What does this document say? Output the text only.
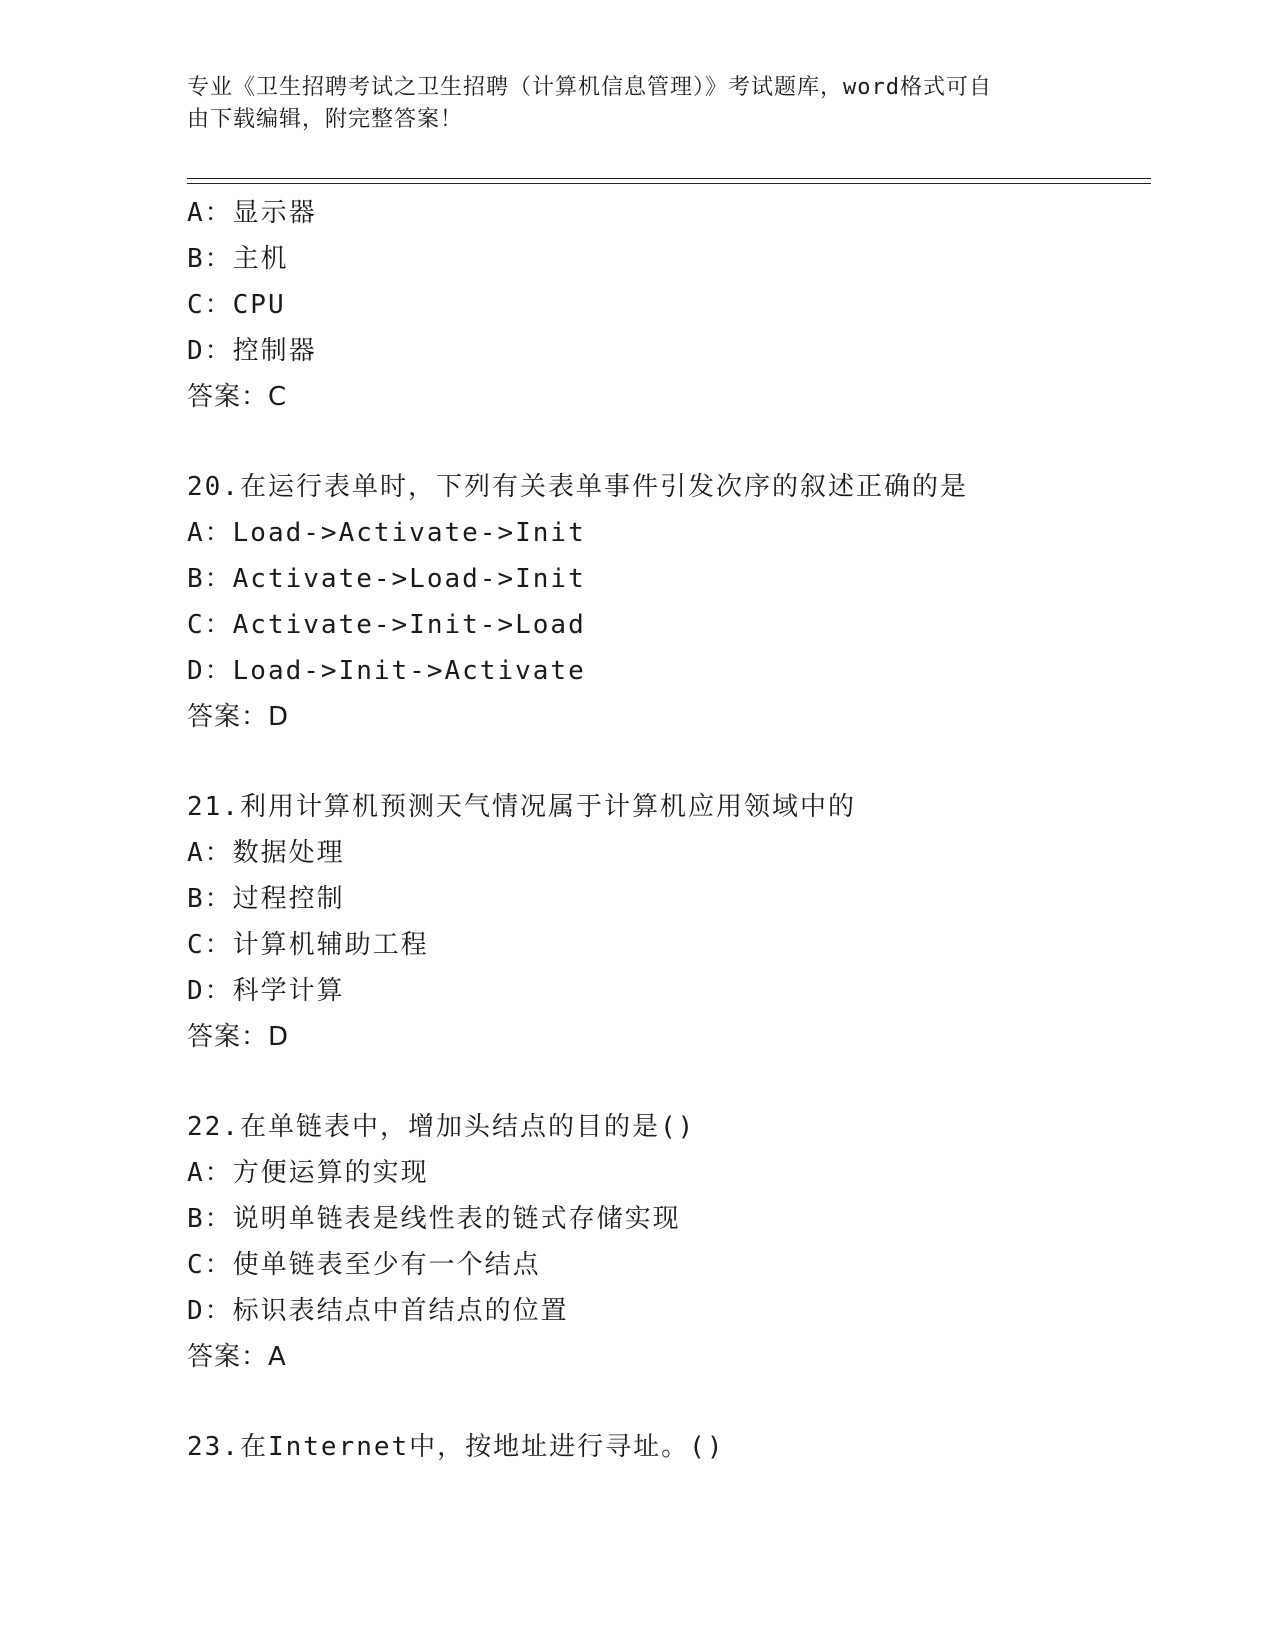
专业《卫生招聘考试之卫生招聘（计算机信息管理）》考试题库，word格式可自
由下载编辑，附完整答案！
A：显示器
B：主机
C：CPU
D：控制器
答案：C
20.在运行表单时，下列有关表单事件引发次序的叙述正确的是
A：Load->Activate->Init
B：Activate->Load->Init
C：Activate->Init->Load
D：Load->Init->Activate
答案：D
21.利用计算机预测天气情况属于计算机应用领域中的
A：数据处理
B：过程控制
C：计算机辅助工程
D：科学计算
答案：D
22.在单链表中，增加头结点的目的是()
A：方便运算的实现
B：说明单链表是线性表的链式存储实现
C：使单链表至少有一个结点
D：标识表结点中首结点的位置
答案：A
23.在Internet中，按地址进行寻址。()
